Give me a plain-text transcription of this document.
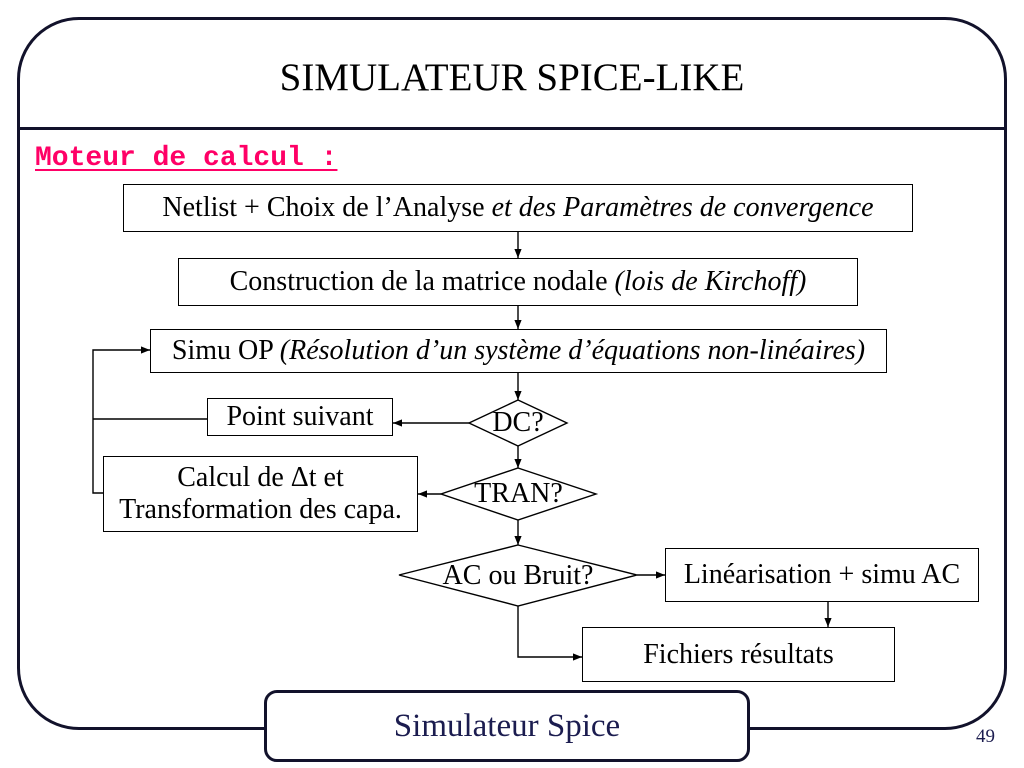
SIMULATEUR SPICE-LIKE
Moteur de calcul :
Netlist + Choix de l’Analyse et des Paramètres de convergence
Construction de la matrice nodale (lois de Kirchoff)
Simu OP (Résolution d’un système d’équations non-linéaires)
Point suivant
Calcul de Δt et
Transformation des capa.
Linéarisation + simu AC
Fichiers résultats
DC?
TRAN?
AC ou Bruit?
Simulateur Spice	49
